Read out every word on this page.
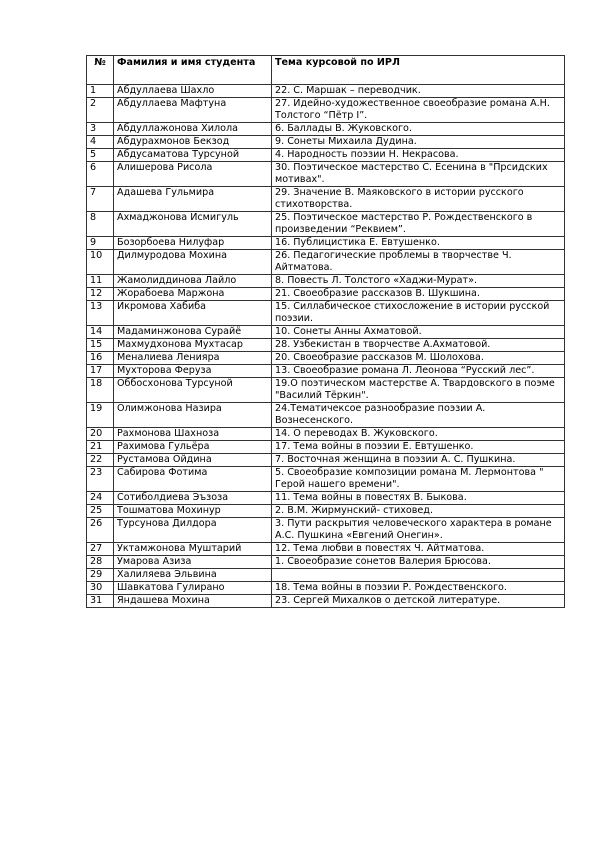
№	Фамилия и имя студента	Тема курсовой по ИРЛ
1	Абдуллаева Шахло	22. С. Маршак – переводчик.
2	Абдуллаева Мафтуна	27. Идейно-художественное своеобразие романа А.Н. Толстого “Пётр I”.
3	Абдуллажонова Хилола	6. Баллады В. Жуковского.
4	Абдурахмонов Бекзод	9. Сонеты Михаила Дудина.
5	Абдусаматова Турсуной	4. Народность поэзии Н. Некрасова.
6	Алишерова Рисола	30. Поэтическое мастерство С. Есенина в "Прсидских мотивах".
7	Адашева Гульмира	29. Значение В. Маяковского в истории русского стихотворства.
8	Ахмаджонова Исмигуль	25. Поэтическое мастерство Р. Рождественского в произведении “Реквием”.
9	Бозорбоева Нилуфар	16. Публицистика Е. Евтушенко.
10	Дилмуродова Мохина	26. Педагогические проблемы в творчестве Ч. Айтматова.
11	Жамолиддинова Лайло	8. Повесть Л. Толстого «Хаджи-Мурат».
12	Жорабоева Маржона	21. Своеобразие рассказов В. Шукшина.
13	Икромова Хабиба	15. Силлабическое стихосложение в истории русской поэзии.
14	Мадаминжонова Сурайё	10. Сонеты Анны Ахматовой.
15	Махмудхонова Мухтасар	28. Узбекистан в творчестве А.Ахматовой.
16	Меналиева Ленияра	20. Своеобразие рассказов М. Шолохова.
17	Мухторова Феруза	13. Своеобразие романа Л. Леонова “Русский лес”.
18	Оббосхонова Турсуной	19.О поэтическом мастерстве А. Твардовского в поэме "Василий Тёркин".
19	Олимжонова Назира	24.Тематичексое разнообразие поэзии А. Вознесенского.
20	Рахмонова Шахноза	14. О переводах В. Жуковского.
21	Рахимова Гульёра	17. Тема войны в поэзии Е. Евтушенко.
22	Рустамова Ойдина	7. Восточная женщина в поэзии А. С. Пушкина.
23	Сабирова Фотима	5. Своеобразие композиции романа М. Лермонтова " Герой нашего времени".
24	Сотиболдиева Эъзоза	11. Тема войны в повестях В. Быкова.
25	Тошматова Мохинур	2. В.М. Жирмунский- стиховед.
26	Турсунова Дилдора	3. Пути раскрытия человеческого характера в романе А.С. Пушкина «Евгений Онегин».
27	Уктамжонова Муштарий	12. Тема любви в повестях Ч. Айтматова.
28	Умарова Азиза	1. Своеобразие сонетов Валерия Брюсова.
29	Халиляева Эльвина	
30	Шавкатова Гулирано	18. Тема войны в поэзии Р. Рождественского.
31	Яндашева Мохина	23. Сергей Михалков о детской литературе.
